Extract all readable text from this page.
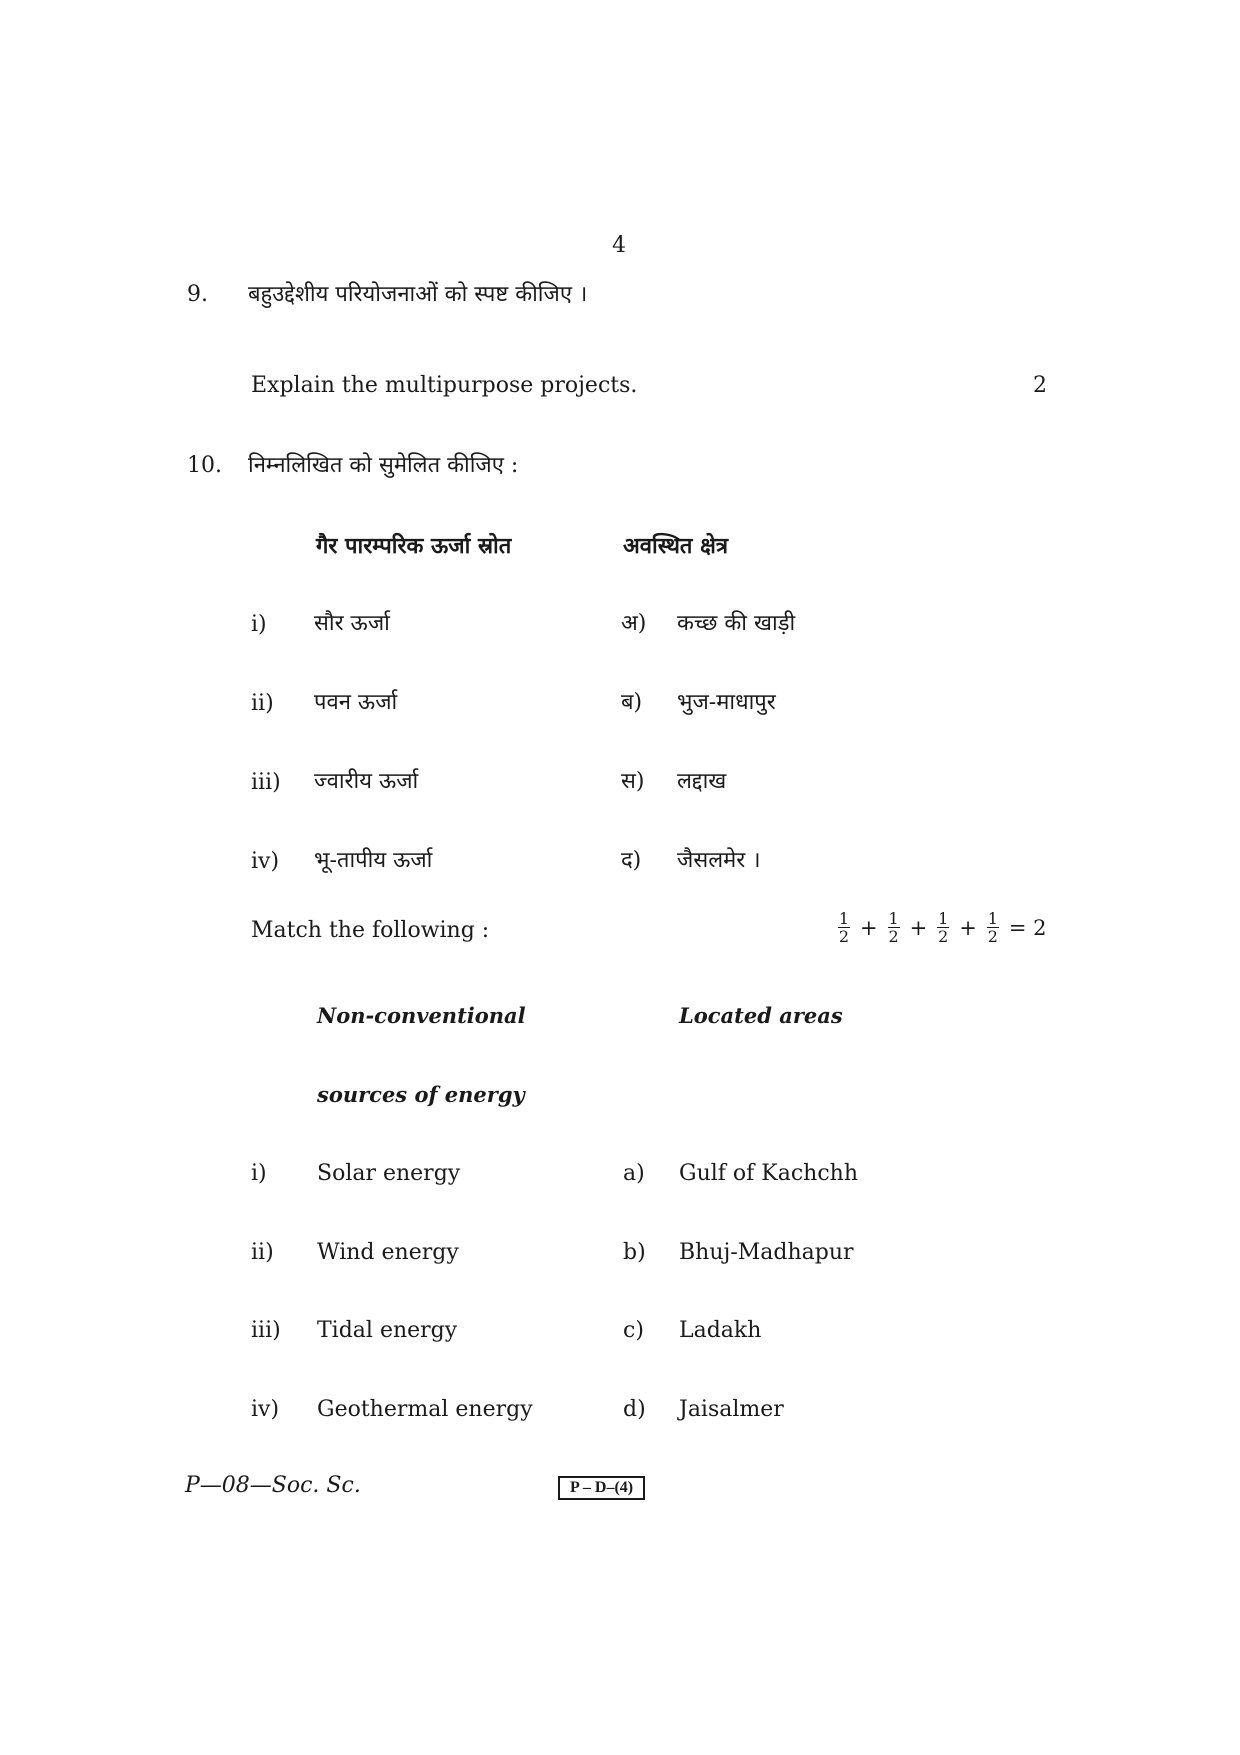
4
9. बहुउद्देशीय परियोजनाओं को स्पष्ट कीजिए ।
Explain the multipurpose projects.	2
10. निम्नलिखित को सुमेलित कीजिए :
गैर पारम्परिक ऊर्जा स्रोत	अवस्थित क्षेत्र
i) सौर ऊर्जा	अ) कच्छ की खाड़ी
ii) पवन ऊर्जा	ब) भुज-माधापुर
iii) ज्वारीय ऊर्जा	स) लद्दाख
iv) भू-तापीय ऊर्जा	द) जैसलमेर ।
Match the following :	$\frac{1}{2} + \frac{1}{2} + \frac{1}{2} + \frac{1}{2} = 2$
Non-conventional	Located areas
sources of energy
i) Solar energy	a) Gulf of Kachchh
ii) Wind energy	b) Bhuj-Madhapur
iii) Tidal energy	c) Ladakh
iv) Geothermal energy	d) Jaisalmer
P—08—Soc. Sc.	P – D–(4)
